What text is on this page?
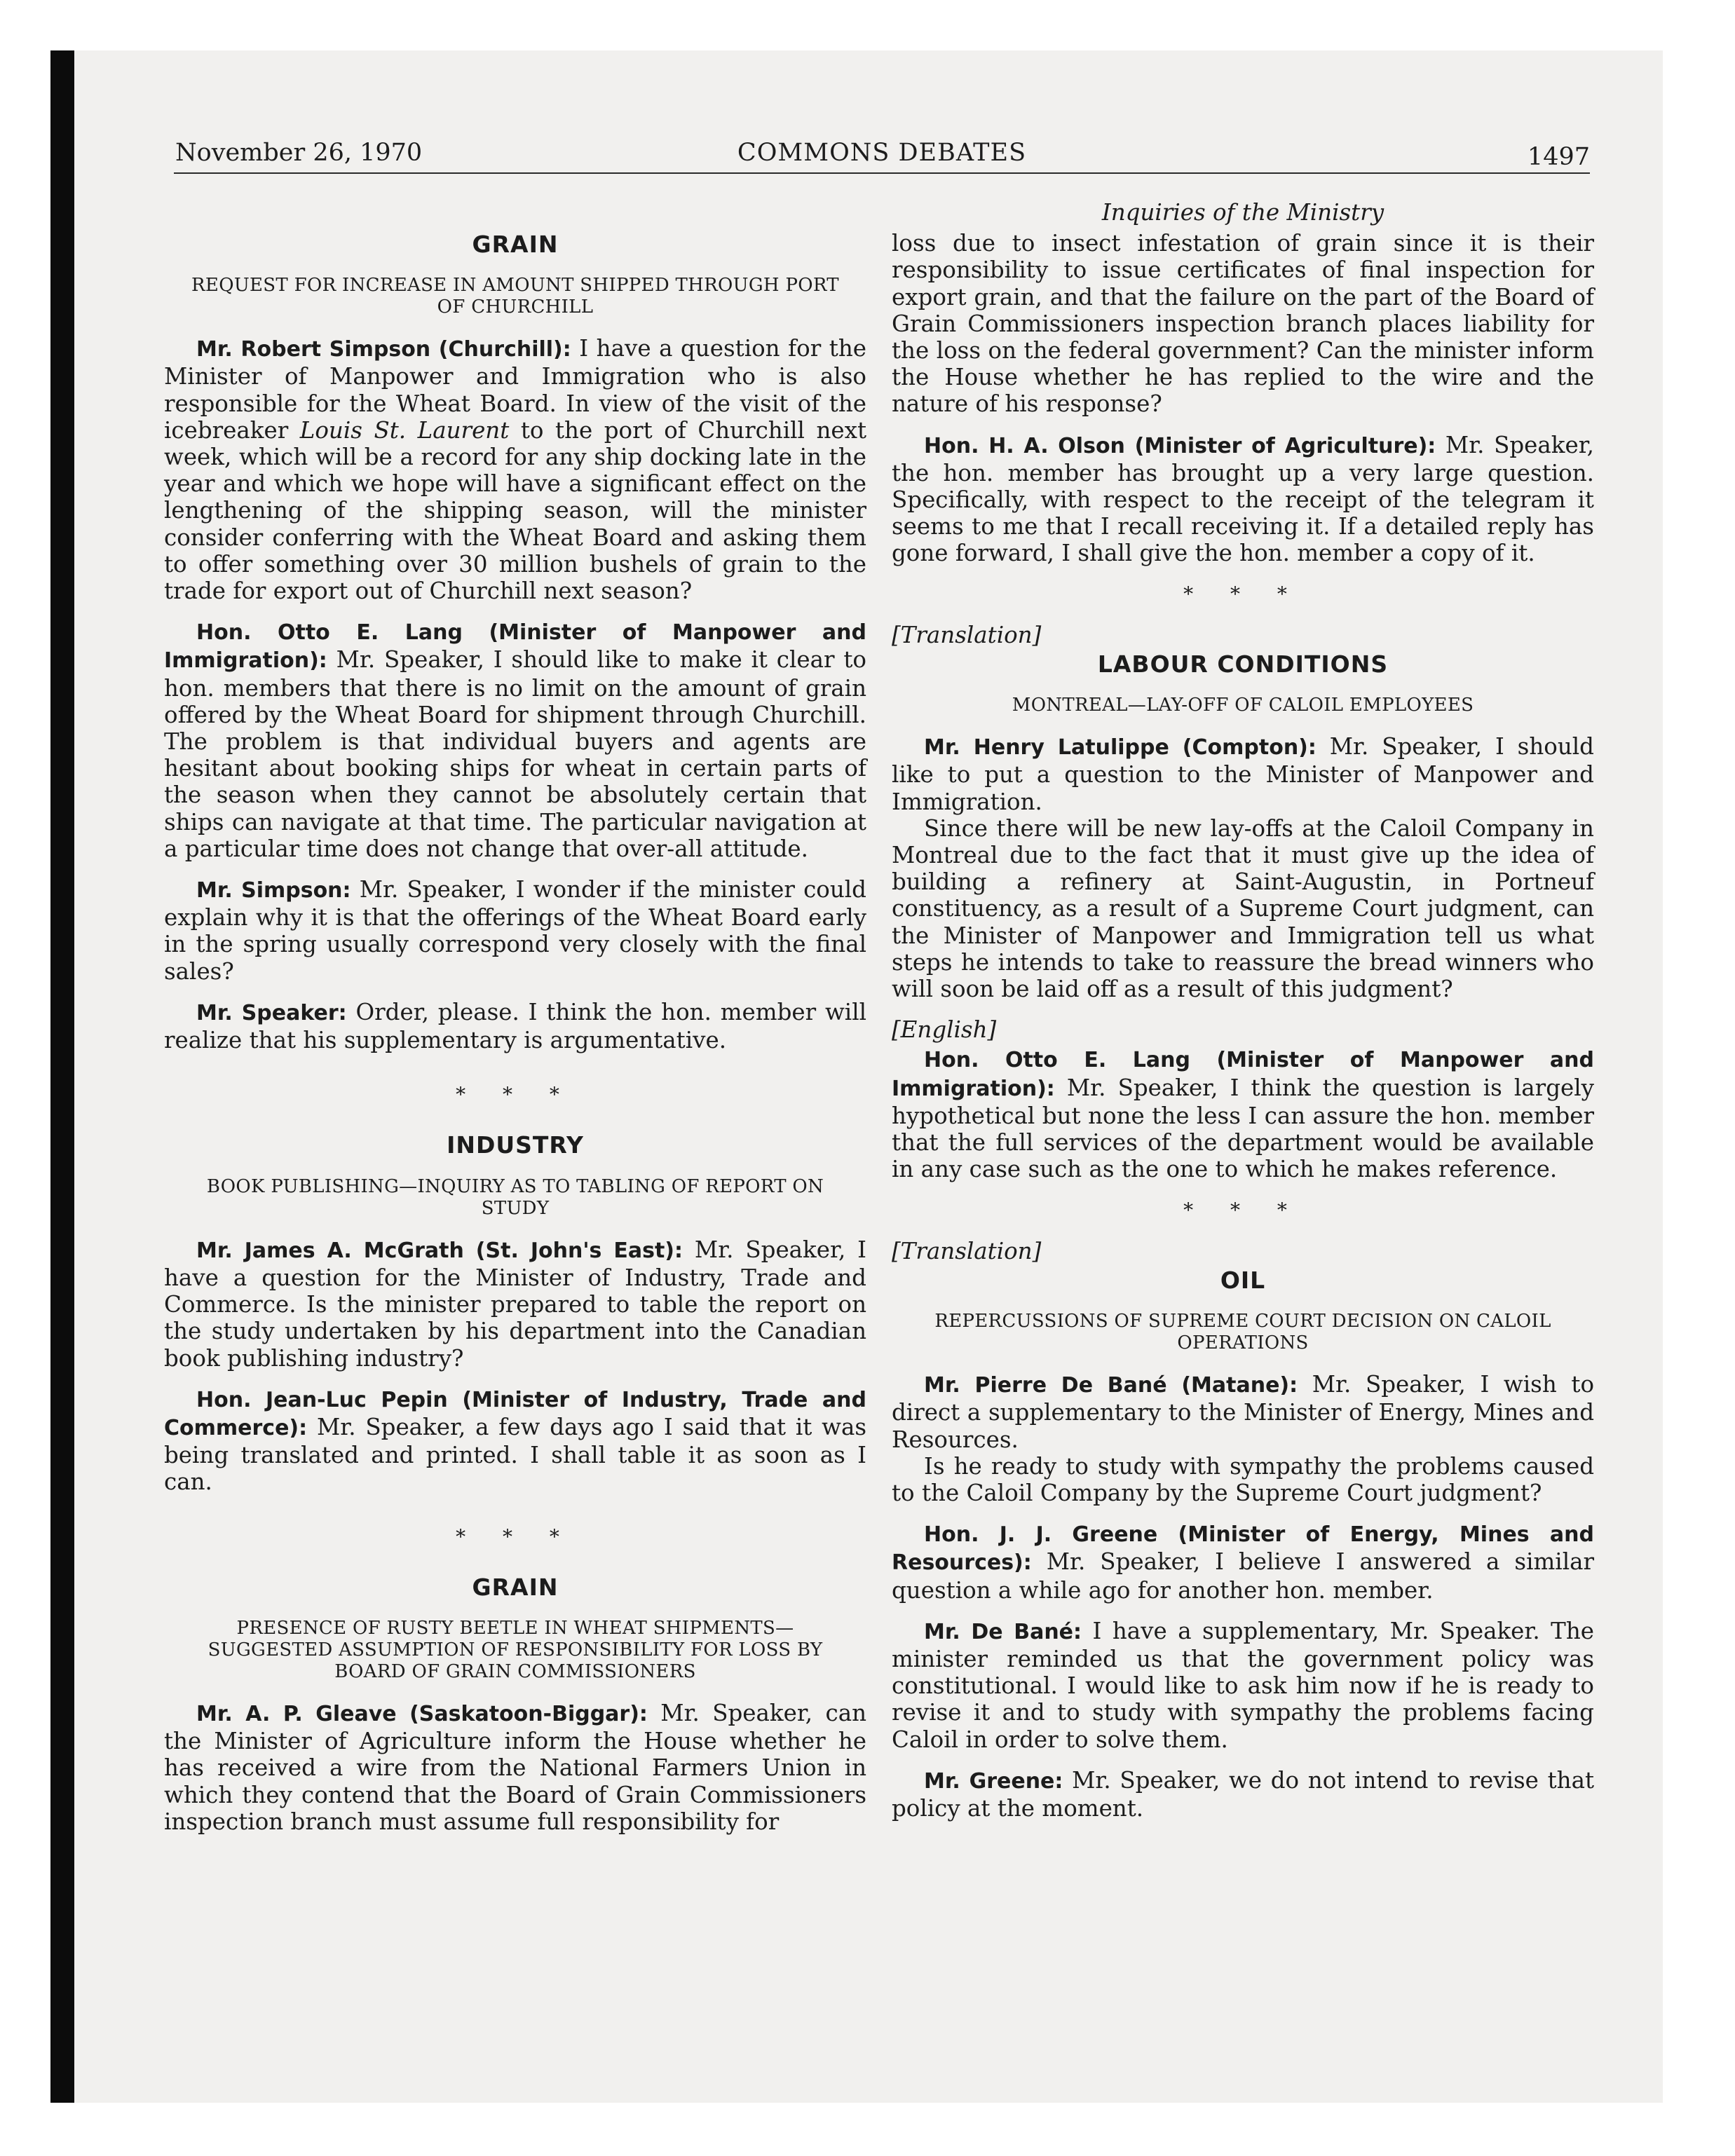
November 26, 1970	COMMONS DEBATES	1497
GRAIN
REQUEST FOR INCREASE IN AMOUNT SHIPPED THROUGH PORT OF CHURCHILL

Mr. Robert Simpson (Churchill): I have a question for the Minister of Manpower and Immigration who is also responsible for the Wheat Board. In view of the visit of the icebreaker Louis St. Laurent to the port of Churchill next week, which will be a record for any ship docking late in the year and which we hope will have a significant effect on the lengthening of the shipping season, will the minister consider conferring with the Wheat Board and asking them to offer something over 30 million bushels of grain to the trade for export out of Churchill next season?

Hon. Otto E. Lang (Minister of Manpower and Immigration): Mr. Speaker, I should like to make it clear to hon. members that there is no limit on the amount of grain offered by the Wheat Board for shipment through Churchill. The problem is that individual buyers and agents are hesitant about booking ships for wheat in certain parts of the season when they cannot be absolutely certain that ships can navigate at that time. The particular navigation at a particular time does not change that over-all attitude.

Mr. Simpson: Mr. Speaker, I wonder if the minister could explain why it is that the offerings of the Wheat Board early in the spring usually correspond very closely with the final sales?

Mr. Speaker: Order, please. I think the hon. member will realize that his supplementary is argumentative.

* * *
INDUSTRY
BOOK PUBLISHING—INQUIRY AS TO TABLING OF REPORT ON STUDY

Mr. James A. McGrath (St. John's East): Mr. Speaker, I have a question for the Minister of Industry, Trade and Commerce. Is the minister prepared to table the report on the study undertaken by his department into the Canadian book publishing industry?

Hon. Jean-Luc Pepin (Minister of Industry, Trade and Commerce): Mr. Speaker, a few days ago I said that it was being translated and printed. I shall table it as soon as I can.

* * *
GRAIN
PRESENCE OF RUSTY BEETLE IN WHEAT SHIPMENTS—SUGGESTED ASSUMPTION OF RESPONSIBILITY FOR LOSS BY BOARD OF GRAIN COMMISSIONERS

Mr. A. P. Gleave (Saskatoon-Biggar): Mr. Speaker, can the Minister of Agriculture inform the House whether he has received a wire from the National Farmers Union in which they contend that the Board of Grain Commissioners inspection branch must assume full responsibility for

Inquiries of the Ministry

loss due to insect infestation of grain since it is their responsibility to issue certificates of final inspection for export grain, and that the failure on the part of the Board of Grain Commissioners inspection branch places liability for the loss on the federal government? Can the minister inform the House whether he has replied to the wire and the nature of his response?

Hon. H. A. Olson (Minister of Agriculture): Mr. Speaker, the hon. member has brought up a very large question. Specifically, with respect to the receipt of the telegram it seems to me that I recall receiving it. If a detailed reply has gone forward, I shall give the hon. member a copy of it.

* * *
[Translation]
LABOUR CONDITIONS
MONTREAL—LAY-OFF OF CALOIL EMPLOYEES

Mr. Henry Latulippe (Compton): Mr. Speaker, I should like to put a question to the Minister of Manpower and Immigration.

Since there will be new lay-offs at the Caloil Company in Montreal due to the fact that it must give up the idea of building a refinery at Saint-Augustin, in Portneuf constituency, as a result of a Supreme Court judgment, can the Minister of Manpower and Immigration tell us what steps he intends to take to reassure the bread winners who will soon be laid off as a result of this judgment?

[English]

Hon. Otto E. Lang (Minister of Manpower and Immigration): Mr. Speaker, I think the question is largely hypothetical but none the less I can assure the hon. member that the full services of the department would be available in any case such as the one to which he makes reference.

* * *
[Translation]
OIL
REPERCUSSIONS OF SUPREME COURT DECISION ON CALOIL OPERATIONS

Mr. Pierre De Bané (Matane): Mr. Speaker, I wish to direct a supplementary to the Minister of Energy, Mines and Resources.

Is he ready to study with sympathy the problems caused to the Caloil Company by the Supreme Court judgment?

Hon. J. J. Greene (Minister of Energy, Mines and Resources): Mr. Speaker, I believe I answered a similar question a while ago for another hon. member.

Mr. De Bané: I have a supplementary, Mr. Speaker. The minister reminded us that the government policy was constitutional. I would like to ask him now if he is ready to revise it and to study with sympathy the problems facing Caloil in order to solve them.

Mr. Greene: Mr. Speaker, we do not intend to revise that policy at the moment.
